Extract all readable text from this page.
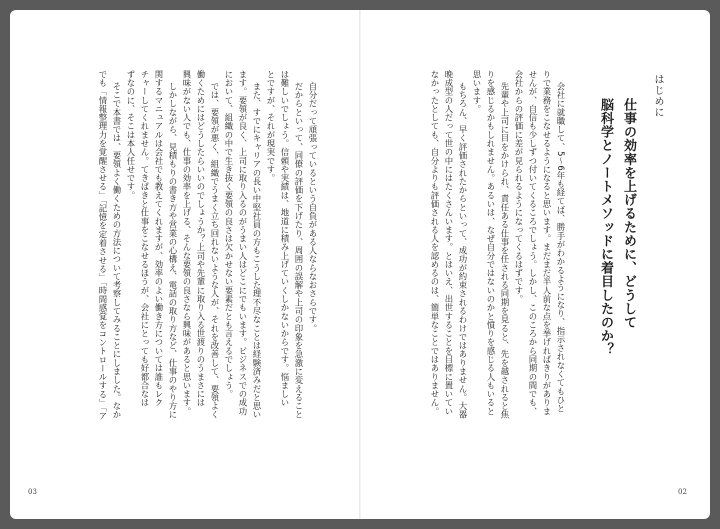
はじめに
仕事の効率を上げるために、どうして
脳科学とノートメソッドに着目したのか？
会社に就職して、5〜6年も経てば、勝手がわかるようになり、指示されなくてもひと
りで業務をこなせるようになると思います。まだまだ半人前な点を挙げればきりがありま
せんが、自信も少しずつ付いてくるころでしょう。しかし、このころから同期の間でも、
会社からの評価に差が見られるようになってくるはずです。
先輩や上司に目をかけられ、責任ある仕事を任される同期を見ると、先を越されると焦
りを感じるかもしれません。あるいは、なぜ自分ではないのかと憤りを感じる人もいると
思います。
もちろん、早く評価されたからといって、成功が約束されるわけではありません。大器
晩成型の人だって世の中にはたくさんいます。とはいえ、出世することを目標に置いてい
なかったとしても、自分よりも評価される人を認めるのは、簡単なことではありません。
02
自分だって頑張っているという自負がある人ならなおさらです。
だからといって、同僚の評価を下げたり、周囲の誤解や上司の印象を急激に変えること
は難しいでしょう。信頼や実績は、地道に積み上げていくしかないからです。悩ましい
とですが、それが現実です。
また、すでにキャリアの長い中堅社員の方もこうした理不尽なことは経験済みだと思い
ます。要領が良く、上司に取り入るのがうまい人はどこにでもいます。ビジネスでの成功
において、組織の中で生き抜く要領の良さは欠かせない要素だとも言えるでしょう。
では、要領が悪く、組織でうまく立ち回れないような人が、それを改善して、要領よく
働くためにはどうしたらいいのでしょうか？上司や先輩に取り入る世渡りのうまさには
興味がない人でも、仕事の効率を上げる、そんな要領の良さなら興味があると思います。
しかしながら、見積もりの書き方や営業の心構え、電話の取り方など、仕事のやり方に
関するマニュアルは会社でも教えてくれますが、効率のよい働き方については誰もレク
チャーしてくれません。てきぱきと仕事をこなせるほうが、会社にとっても好都合なは
ずなのに、そこは本人任せです。
そこで本書では、要領よく働くための方法について考察してみることにしました。なか
でも「情報整理力を覚醒させる」「記憶を定着させる」「時間感覚をコントロールする」「ア
03
